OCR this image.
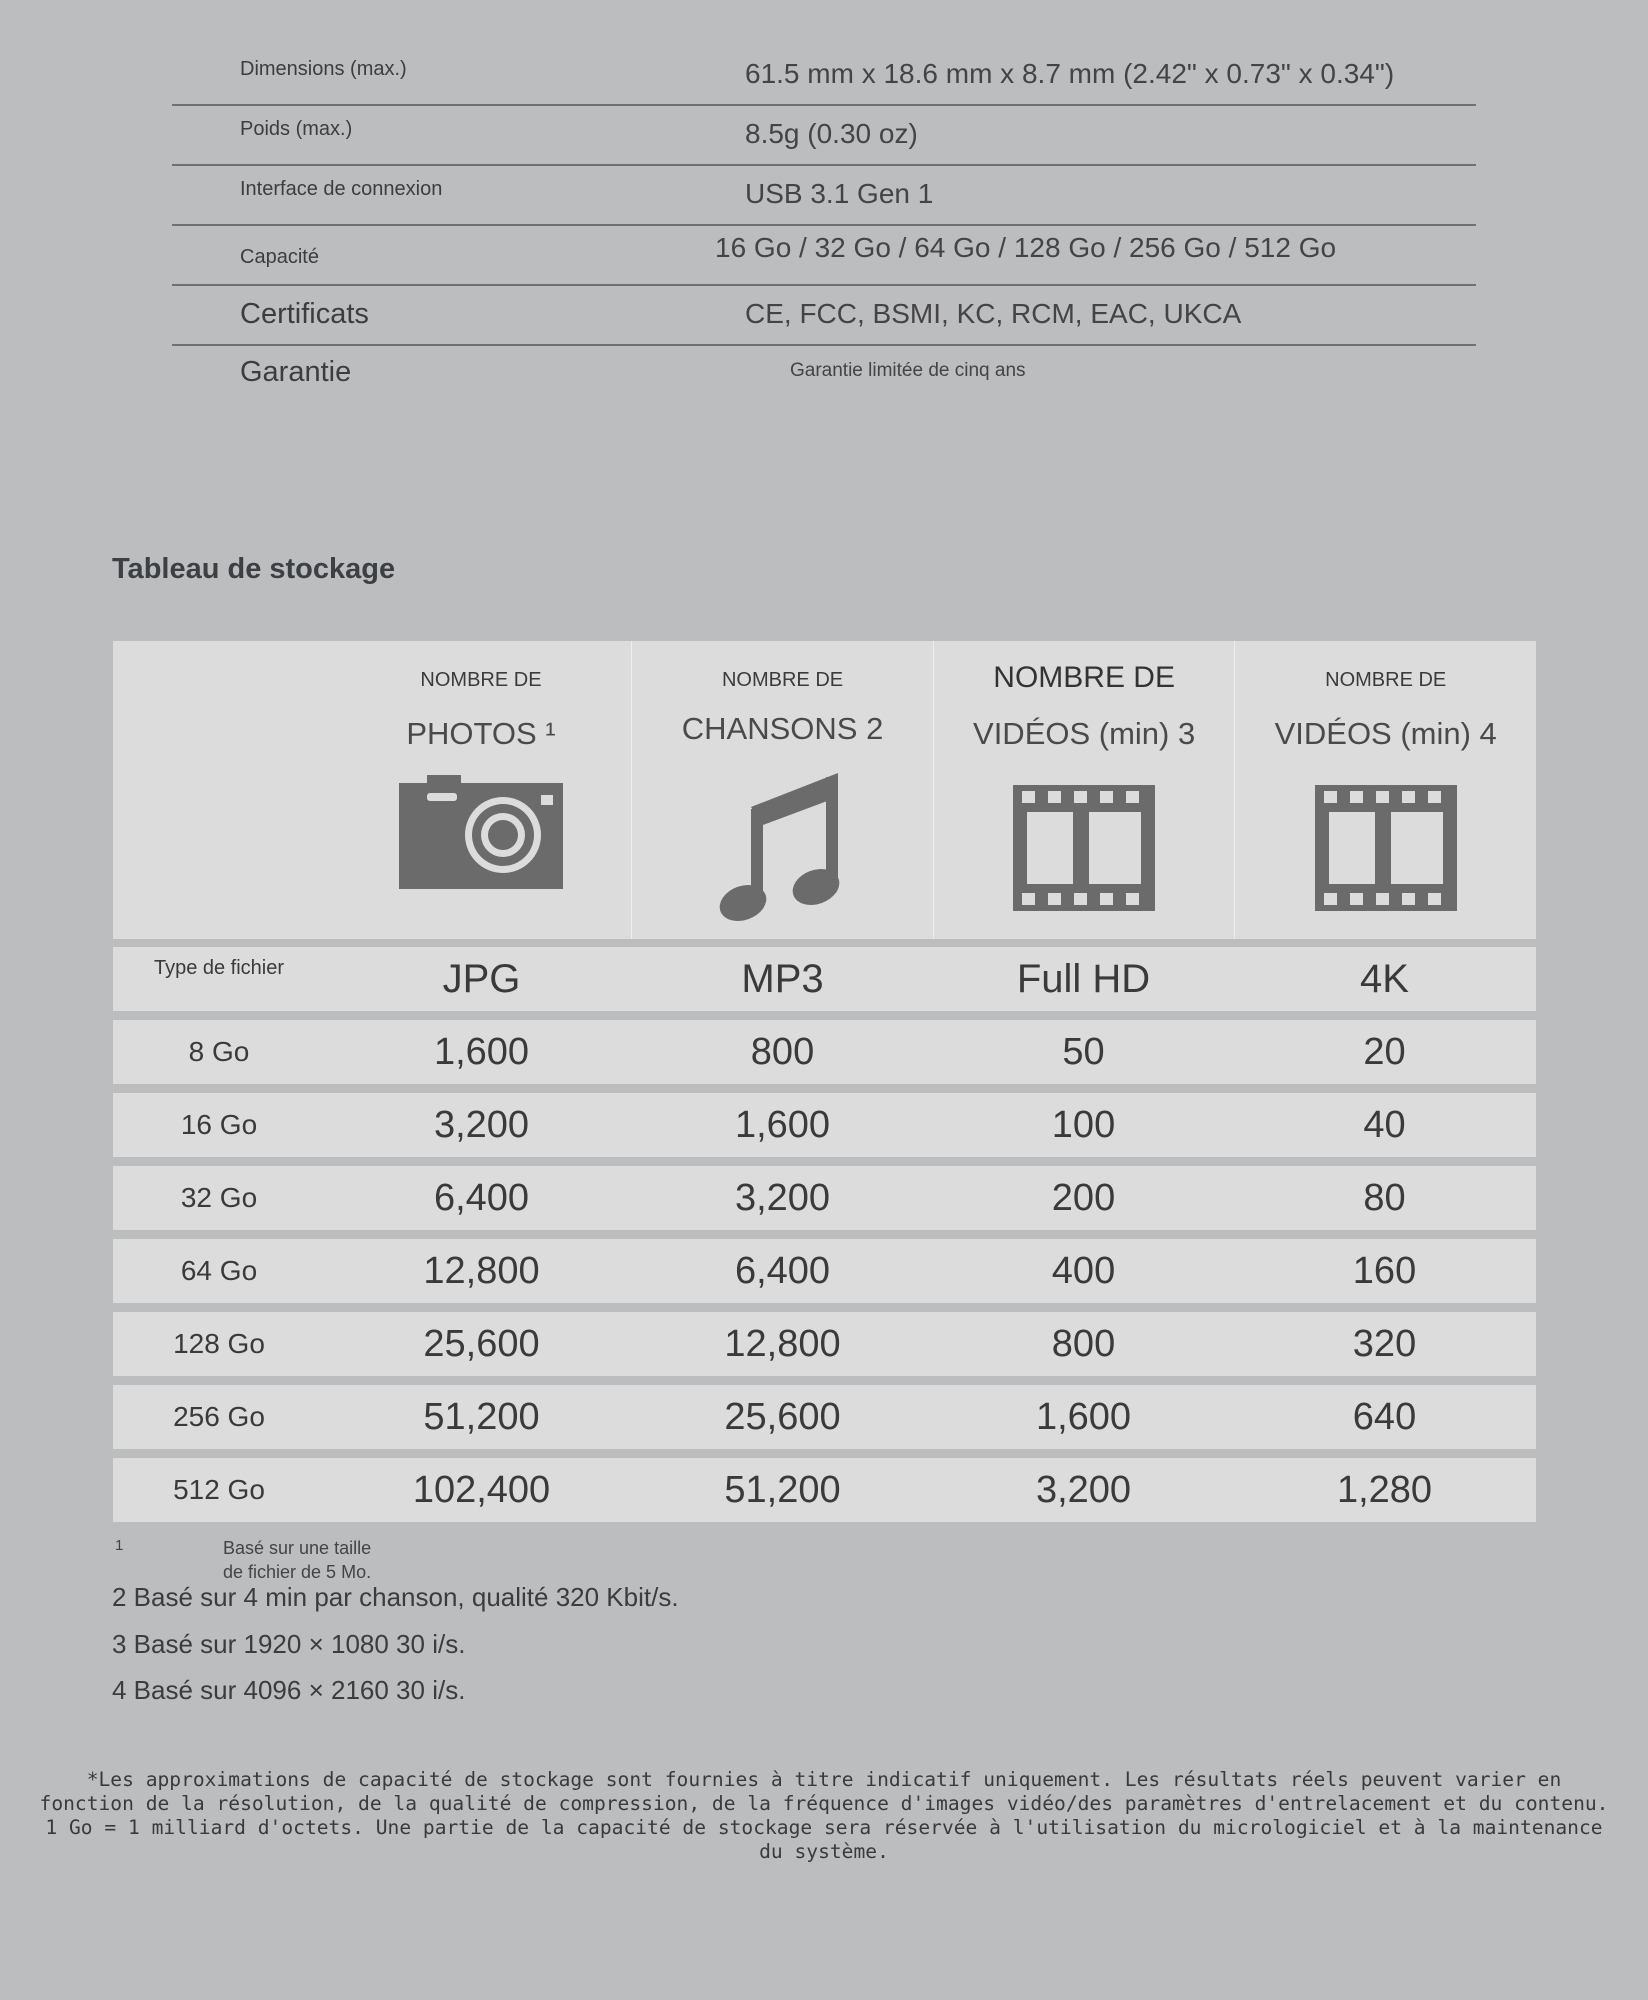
Dimensions (max.)	61.5 mm x 18.6 mm x 8.7 mm (2.42" x 0.73" x 0.34")
Poids (max.)	8.5g (0.30 oz)
Interface de connexion	USB 3.1 Gen 1
Capacité	16 Go / 32 Go / 64 Go / 128 Go / 256 Go / 512 Go
Certificats	CE, FCC, BSMI, KC, RCM, EAC, UKCA
Garantie	Garantie limitée de cinq ans
Tableau de stockage
NOMBRE DE
PHOTOS ¹
NOMBRE DE
CHANSONS 2
NOMBRE DE
VIDÉOS (min) 3
NOMBRE DE
VIDÉOS (min) 4
Type de fichier	JPG	MP3	Full HD	4K
8 Go	1,600	800	50	20
16 Go	3,200	1,600	100	40
32 Go	6,400	3,200	200	80
64 Go	12,800	6,400	400	160
128 Go	25,600	12,800	800	320
256 Go	51,200	25,600	1,600	640
512 Go	102,400	51,200	3,200	1,280
1	Basé sur une taille
de fichier de 5 Mo.
2 Basé sur 4 min par chanson, qualité 320 Kbit/s.
3 Basé sur 1920 × 1080 30 i/s.
4 Basé sur 4096 × 2160 30 i/s.
*Les approximations de capacité de stockage sont fournies à titre indicatif uniquement. Les résultats réels peuvent varier en fonction de la résolution, de la qualité de compression, de la fréquence d'images vidéo/des paramètres d'entrelacement et du contenu. 1 Go = 1 milliard d'octets. Une partie de la capacité de stockage sera réservée à l'utilisation du micrologiciel et à la maintenance du système.
